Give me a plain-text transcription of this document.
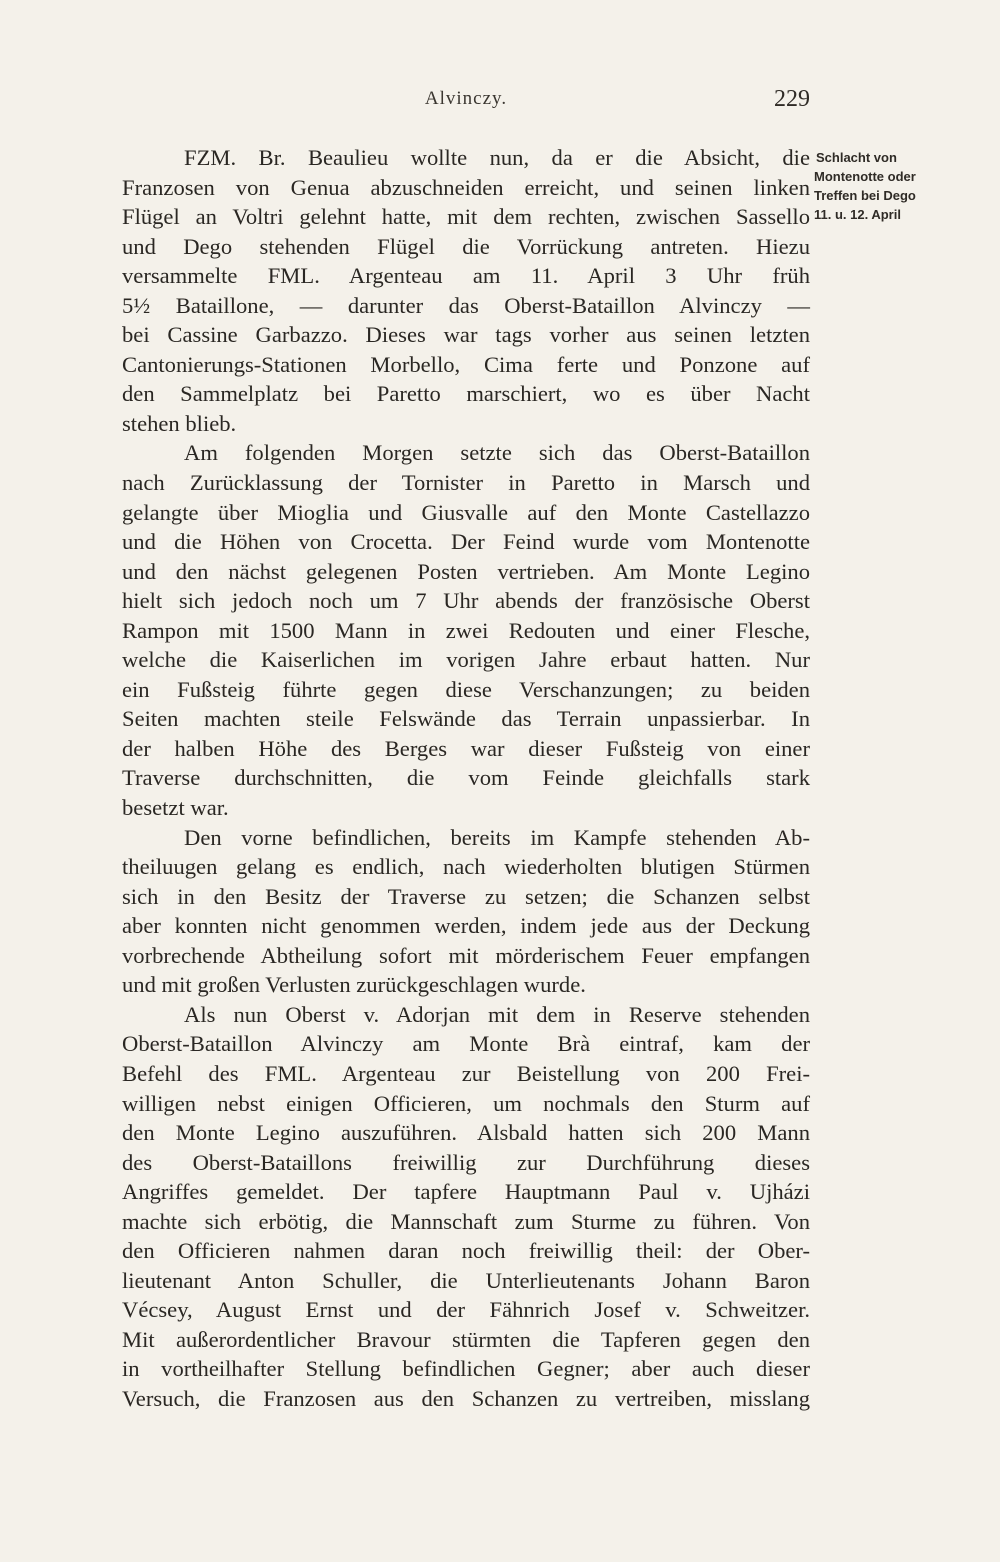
Alvinczy.	229
Schlacht von
Montenotte oder
Treffen bei Dego
11. u. 12. April
FZM. Br. Beaulieu wollte nun, da er die Absicht, die
Franzosen von Genua abzuschneiden erreicht, und seinen linken
Flügel an Voltri gelehnt hatte, mit dem rechten, zwischen Sassello
und Dego stehenden Flügel die Vorrückung antreten. Hiezu
versammelte FML. Argenteau am 11. April 3 Uhr früh
5½ Bataillone, — darunter das Oberst-Bataillon Alvinczy —
bei Cassine Garbazzo. Dieses war tags vorher aus seinen letzten
Cantonierungs-Stationen Morbello, Cima ferte und Ponzone auf
den Sammelplatz bei Paretto marschiert, wo es über Nacht
stehen blieb.
Am folgenden Morgen setzte sich das Oberst-Bataillon
nach Zurücklassung der Tornister in Paretto in Marsch und
gelangte über Mioglia und Giusvalle auf den Monte Castellazzo
und die Höhen von Crocetta. Der Feind wurde vom Montenotte
und den nächst gelegenen Posten vertrieben. Am Monte Legino
hielt sich jedoch noch um 7 Uhr abends der französische Oberst
Rampon mit 1500 Mann in zwei Redouten und einer Flesche,
welche die Kaiserlichen im vorigen Jahre erbaut hatten. Nur
ein Fußsteig führte gegen diese Verschanzungen; zu beiden
Seiten machten steile Felswände das Terrain unpassierbar. In
der halben Höhe des Berges war dieser Fußsteig von einer
Traverse durchschnitten, die vom Feinde gleichfalls stark
besetzt war.
Den vorne befindlichen, bereits im Kampfe stehenden Ab-
theiluugen gelang es endlich, nach wiederholten blutigen Stürmen
sich in den Besitz der Traverse zu setzen; die Schanzen selbst
aber konnten nicht genommen werden, indem jede aus der Deckung
vorbrechende Abtheilung sofort mit mörderischem Feuer empfangen
und mit großen Verlusten zurückgeschlagen wurde.
Als nun Oberst v. Adorjan mit dem in Reserve stehenden
Oberst-Bataillon Alvinczy am Monte Brà eintraf, kam der
Befehl des FML. Argenteau zur Beistellung von 200 Frei-
willigen nebst einigen Officieren, um nochmals den Sturm auf
den Monte Legino auszuführen. Alsbald hatten sich 200 Mann
des Oberst-Bataillons freiwillig zur Durchführung dieses
Angriffes gemeldet. Der tapfere Hauptmann Paul v. Ujházi
machte sich erbötig, die Mannschaft zum Sturme zu führen. Von
den Officieren nahmen daran noch freiwillig theil: der Ober-
lieutenant Anton Schuller, die Unterlieutenants Johann Baron
Vécsey, August Ernst und der Fähnrich Josef v. Schweitzer.
Mit außerordentlicher Bravour stürmten die Tapferen gegen den
in vortheilhafter Stellung befindlichen Gegner; aber auch dieser
Versuch, die Franzosen aus den Schanzen zu vertreiben, misslang
